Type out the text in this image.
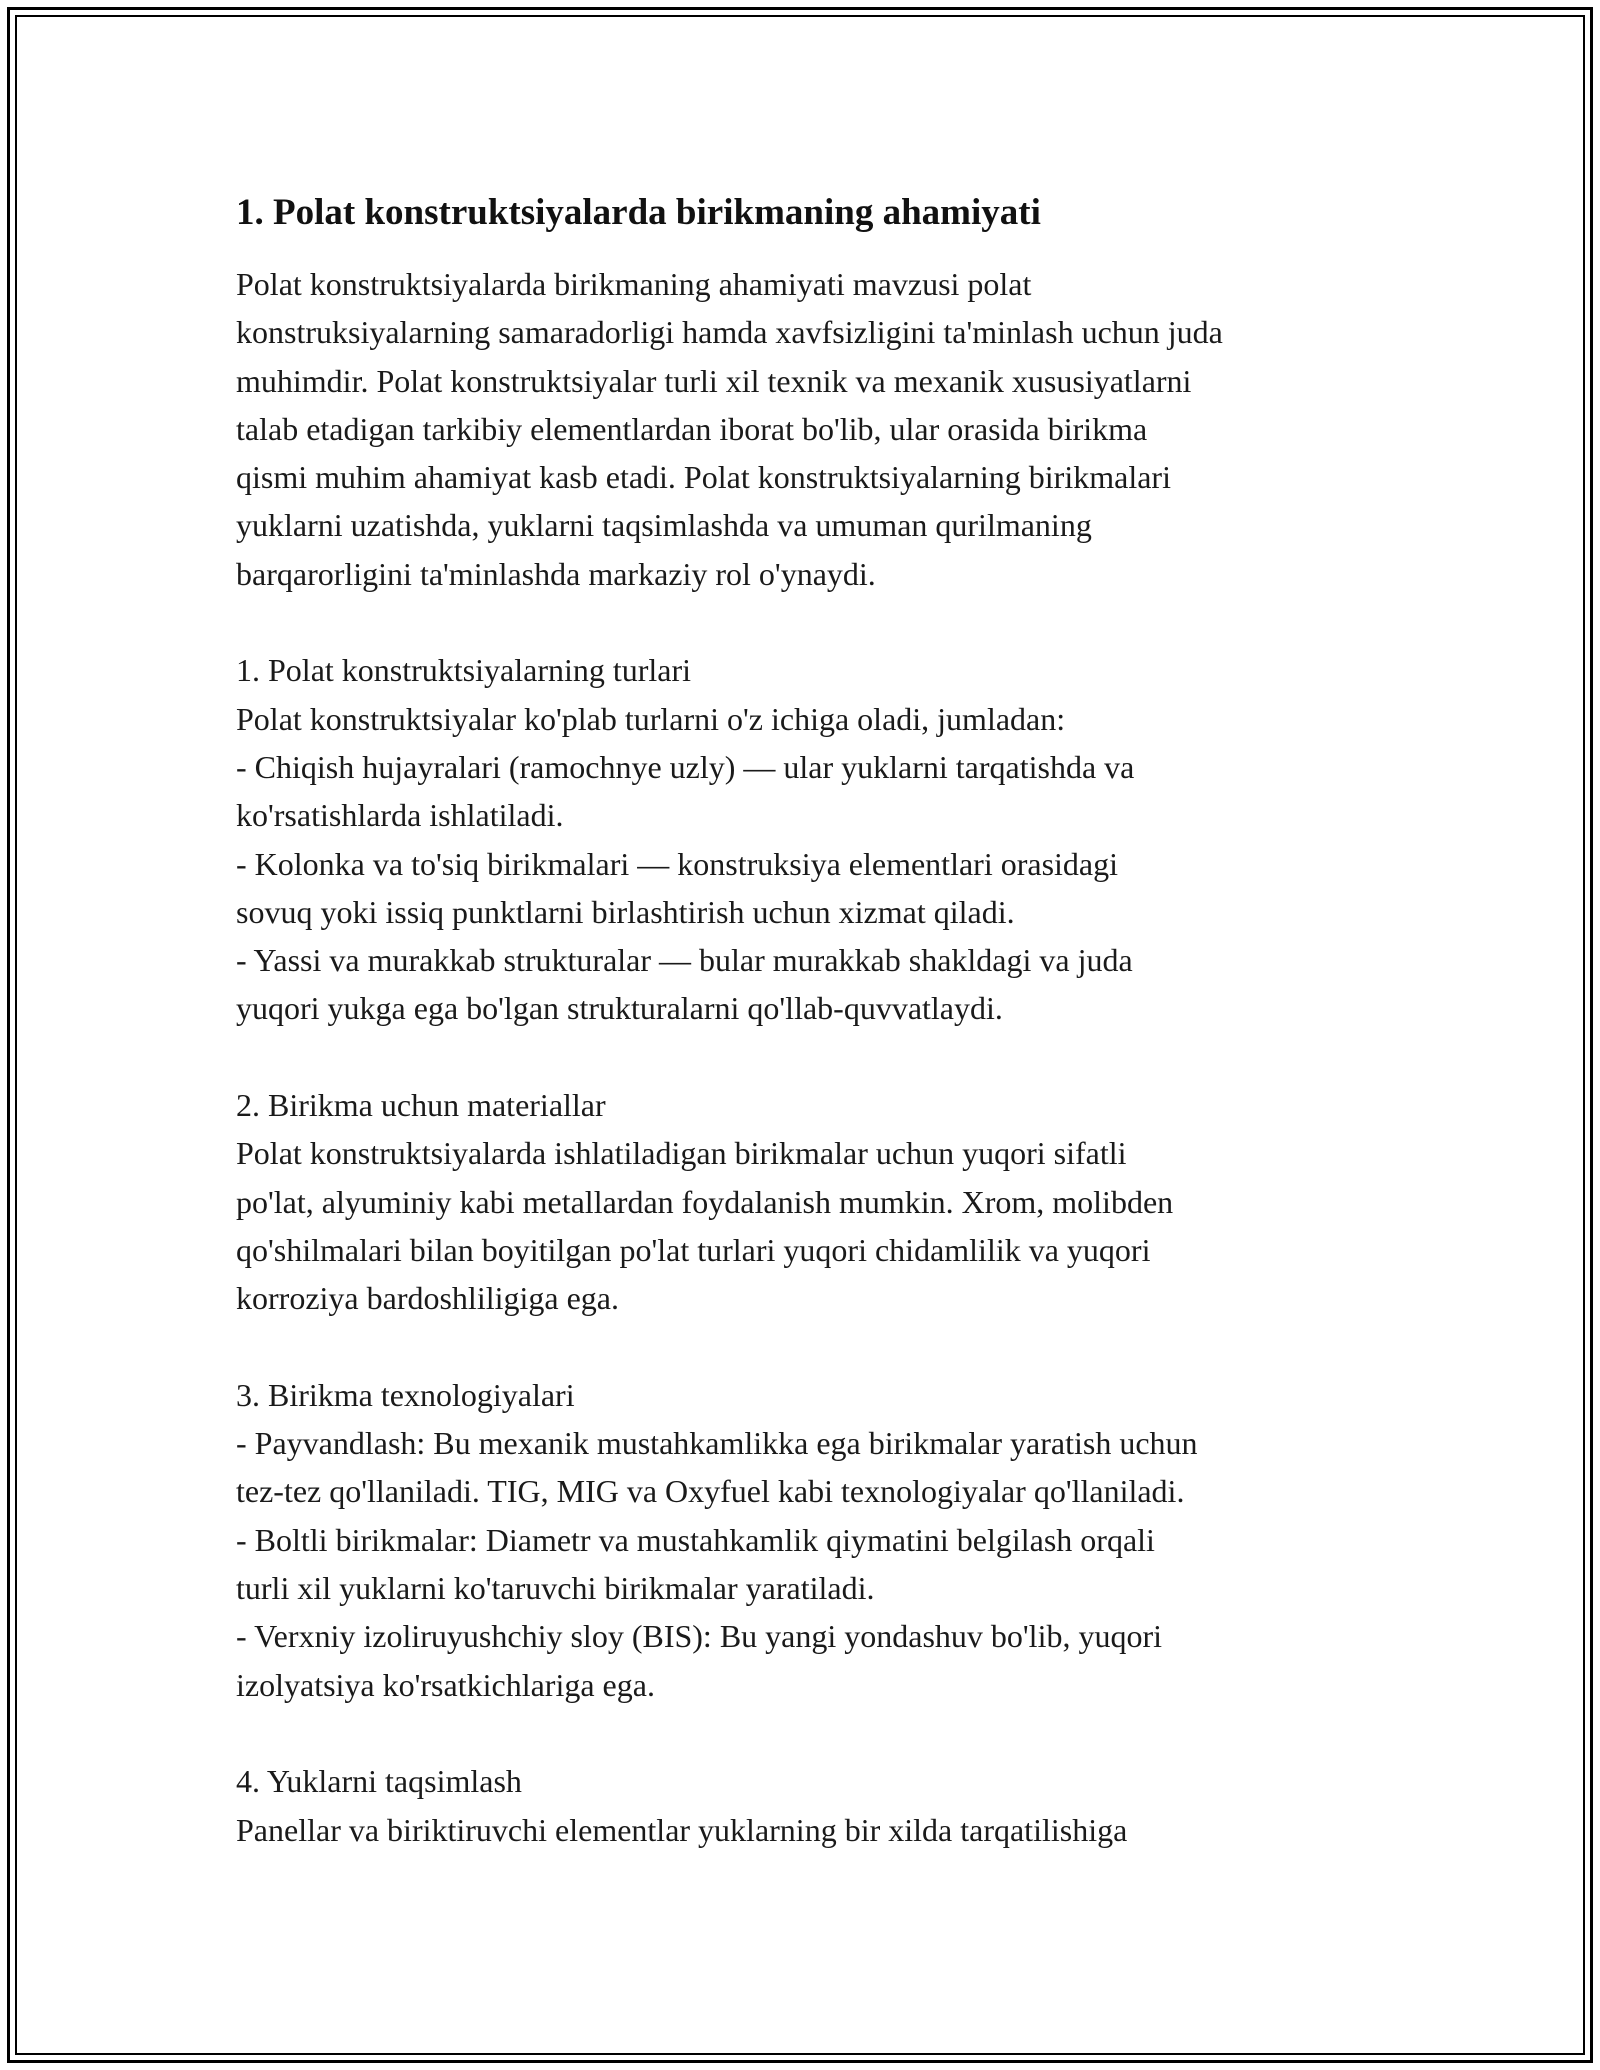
1. Polat konstruktsiyalarda birikmaning ahamiyati

Polat konstruktsiyalarda birikmaning ahamiyati mavzusi polat
konstruksiyalarning samaradorligi hamda xavfsizligini ta'minlash uchun juda
muhimdir. Polat konstruktsiyalar turli xil texnik va mexanik xususiyatlarni
talab etadigan tarkibiy elementlardan iborat bo'lib, ular orasida birikma
qismi muhim ahamiyat kasb etadi. Polat konstruktsiyalarning birikmalari
yuklarni uzatishda, yuklarni taqsimlashda va umuman qurilmaning
barqarorligini ta'minlashda markaziy rol o'ynaydi.

1. Polat konstruktsiyalarning turlari
Polat konstruktsiyalar ko'plab turlarni o'z ichiga oladi, jumladan:
- Chiqish hujayralari (ramochnye uzly) — ular yuklarni tarqatishda va
ko'rsatishlarda ishlatiladi.
- Kolonka va to'siq birikmalari — konstruksiya elementlari orasidagi
sovuq yoki issiq punktlarni birlashtirish uchun xizmat qiladi.
- Yassi va murakkab strukturalar — bular murakkab shakldagi va juda
yuqori yukga ega bo'lgan strukturalarni qo'llab-quvvatlaydi.

2. Birikma uchun materiallar
Polat konstruktsiyalarda ishlatiladigan birikmalar uchun yuqori sifatli
po'lat, alyuminiy kabi metallardan foydalanish mumkin. Xrom, molibden
qo'shilmalari bilan boyitilgan po'lat turlari yuqori chidamlilik va yuqori
korroziya bardoshliligiga ega.

3. Birikma texnologiyalari
- Payvandlash: Bu mexanik mustahkamlikka ega birikmalar yaratish uchun
tez-tez qo'llaniladi. TIG, MIG va Oxyfuel kabi texnologiyalar qo'llaniladi.
- Boltli birikmalar: Diametr va mustahkamlik qiymatini belgilash orqali
turli xil yuklarni ko'taruvchi birikmalar yaratiladi.
- Verxniy izoliruyushchiy sloy (BIS): Bu yangi yondashuv bo'lib, yuqori
izolyatsiya ko'rsatkichlariga ega.

4. Yuklarni taqsimlash
Panellar va biriktiruvchi elementlar yuklarning bir xilda tarqatilishiga
